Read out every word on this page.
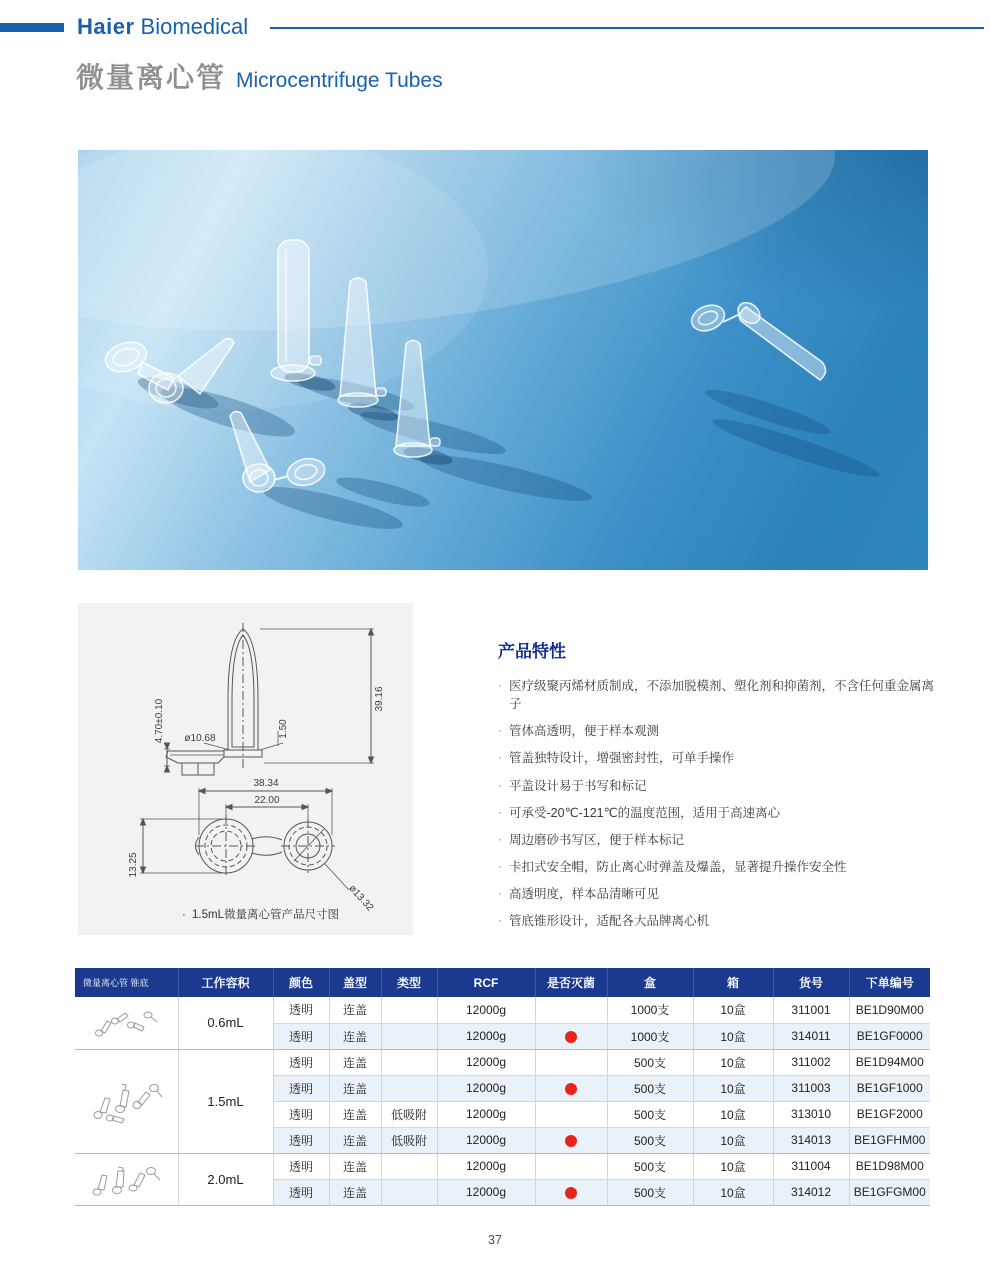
Haier Biomedical
微量离心管 Microcentrifuge Tubes
39.16
4.70±0.10 ø10.68	1.50
38.34
22.00
13.25
ø13.32
· 1.5mL微量离心管产品尺寸图
产品特性
· 医疗级聚丙烯材质制成，不添加脱模剂、塑化剂和抑菌剂，不含任何重金属离子
· 管体高透明，便于样本观测
· 管盖独特设计，增强密封性，可单手操作
· 平盖设计易于书写和标记
· 可承受-20℃-121℃的温度范围，适用于高速离心
· 周边磨砂书写区，便于样本标记
· 卡扣式安全帽，防止离心时弹盖及爆盖，显著提升操作安全性
· 高透明度，样本品清晰可见
· 管底锥形设计，适配各大品牌离心机
微量离心管 锥底	工作容积	颜色	盖型	类型	RCF	是否灭菌	盒	箱	货号	下单编号

	0.6mL	透明	连盖		12000g		1000支	10盒	311001	BE1D90M00
		透明	连盖		12000g		1000支	10盒	314011	BE1GF0000

	1.5mL	透明	连盖		12000g		500支	10盒	311002	BE1D94M00
		透明	连盖		12000g		500支	10盒	311003	BE1GF1000
		透明	连盖	低吸附	12000g		500支	10盒	313010	BE1GF2000
		透明	连盖	低吸附	12000g		500支	10盒	314013	BE1GFHM00

	2.0mL	透明	连盖		12000g		500支	10盒	311004	BE1D98M00
		透明	连盖		12000g		500支	10盒	314012	BE1GFGM00
37
